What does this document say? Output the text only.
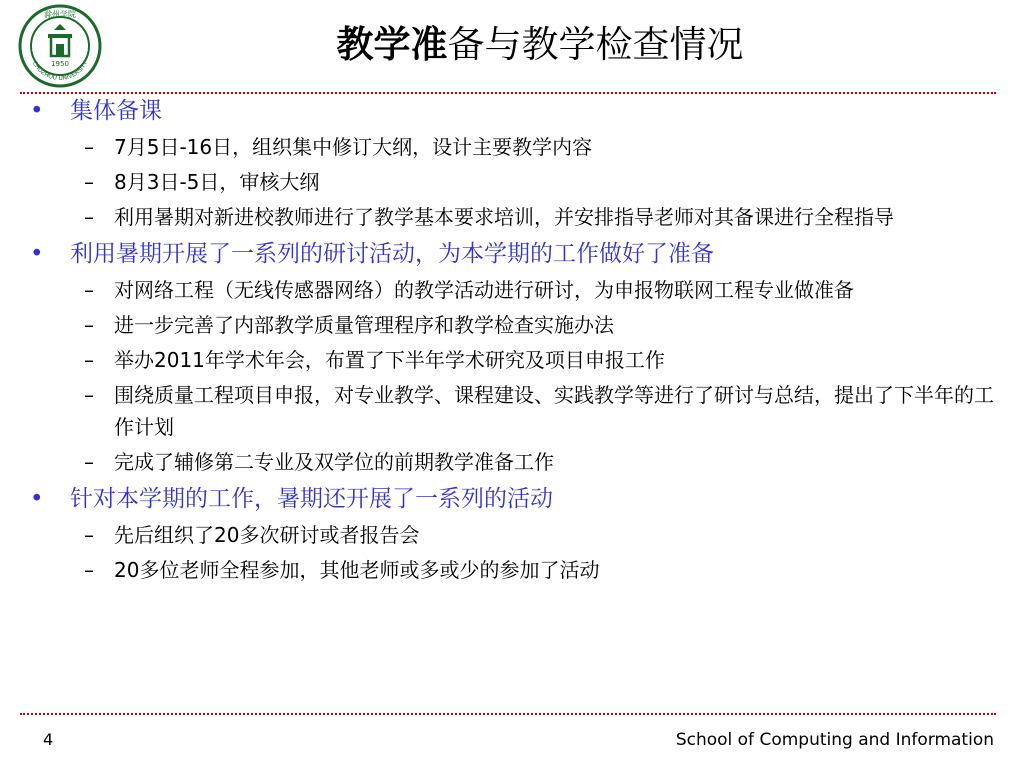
1950
滁州学院
CHUZHOU UNIVERSITY	教学准备与教学检查情况
• 集体备课
– 7月5日-16日，组织集中修订大纲，设计主要教学内容
– 8月3日-5日，审核大纲
– 利用暑期对新进校教师进行了教学基本要求培训，并安排指导老师对其备课进行全程指导
• 利用暑期开展了一系列的研讨活动，为本学期的工作做好了准备
– 对网络工程（无线传感器网络）的教学活动进行研讨，为申报物联网工程专业做准备
– 进一步完善了内部教学质量管理程序和教学检查实施办法
– 举办2011年学术年会，布置了下半年学术研究及项目申报工作
– 围绕质量工程项目申报，对专业教学、课程建设、实践教学等进行了研讨与总结，提出了下半年的工作计划
– 完成了辅修第二专业及双学位的前期教学准备工作
• 针对本学期的工作，暑期还开展了一系列的活动
– 先后组织了20多次研讨或者报告会
– 20多位老师全程参加，其他老师或多或少的参加了活动
4	School of Computing and Information
